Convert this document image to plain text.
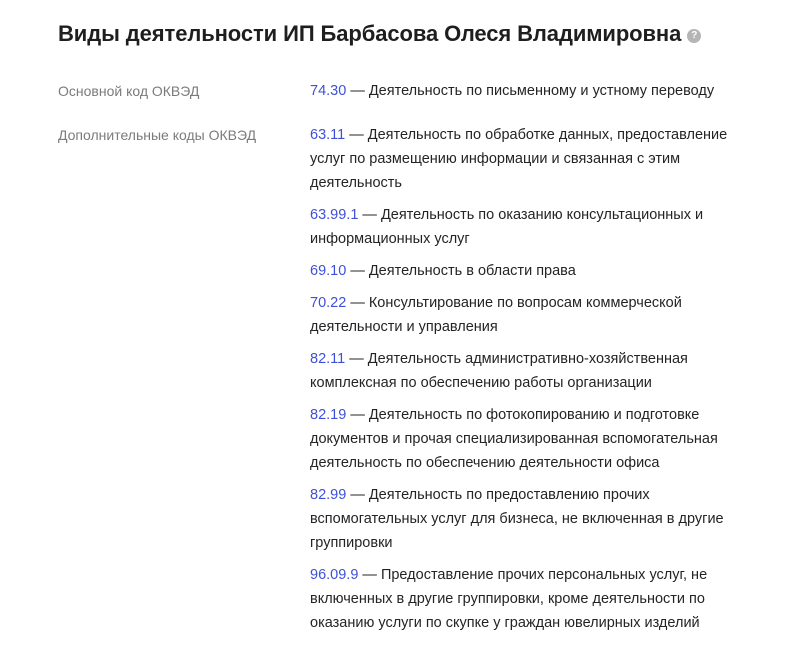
Виды деятельности ИП Барбасова Олеся Владимировна ?
Основной код ОКВЭД	74.30 — Деятельность по письменному и устному переводу
Дополнительные коды ОКВЭД	63.11 — Деятельность по обработке данных, предоставление услуг по размещению информации и связанная с этим деятельность
63.99.1 — Деятельность по оказанию консультационных и информационных услуг
69.10 — Деятельность в области права
70.22 — Консультирование по вопросам коммерческой деятельности и управления
82.11 — Деятельность административно-хозяйственная комплексная по обеспечению работы организации
82.19 — Деятельность по фотокопированию и подготовке документов и прочая специализированная вспомогательная деятельность по обеспечению деятельности офиса
82.99 — Деятельность по предоставлению прочих вспомогательных услуг для бизнеса, не включенная в другие группировки
96.09.9 — Предоставление прочих персональных услуг, не включенных в другие группировки, кроме деятельности по оказанию услуги по скупке у граждан ювелирных изделий
